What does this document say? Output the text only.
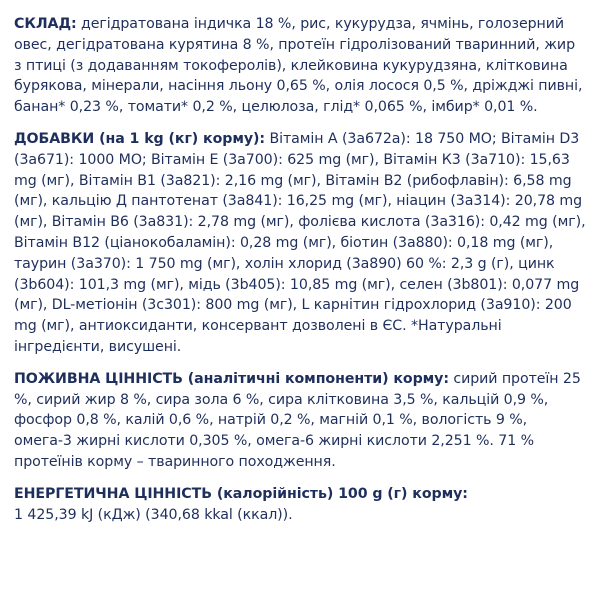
СКЛАД: дегідратована індичка 18 %, рис, кукурудза, ячмінь, голозерний овес, дегідратована курятина 8 %, протеїн гідролізований тваринний, жир з птиці (з додаванням токоферолів), клейковина кукурудзяна, клітковина бурякова, мінерали, насіння льону 0,65 %, олія лосося 0,5 %, дріжджі пивні, банан* 0,23 %, томати* 0,2 %, целюлоза, глід* 0,065 %, імбир* 0,01 %.

ДОБАВКИ (на 1 kg (кг) корму): Вітамін А (3а672а): 18 750 МО; Вітамін D3 (3а671): 1000 МО; Вітамін Е (3а700): 625 mg (мг), Вітамін К3 (3а710): 15,63 mg (мг), Вітамін В1 (3а821): 2,16 mg (мг), Вітамін В2 (рибофлавін): 6,58 mg (мг), кальцію Д пантотенат (3а841): 16,25 mg (мг), ніацин (3а314): 20,78 mg (мг), Вітамін В6 (3а831): 2,78 mg (мг), фолієва кислота (3а316): 0,42 mg (мг), Вітамін В12 (ціанокобаламін): 0,28 mg (мг), біотин (3а880): 0,18 mg (мг), таурин (3а370): 1 750 mg (мг), холін хлорид (3а890) 60 %: 2,3 g (г), цинк (3b604): 101,3 mg (мг), мідь (3b405): 10,85 mg (мг), селен (3b801): 0,077 mg (мг), DL-метіонін (3с301): 800 mg (мг), L карнітин гідрохлорид (3а910): 200 mg (мг), антиоксиданти, консервант дозволені в ЄС. *Натуральні інгредієнти, висушені.

ПОЖИВНА ЦІННІСТЬ (аналітичні компоненти) корму: сирий протеїн 25 %, сирий жир 8 %, сира зола 6 %, сира клітковина 3,5 %, кальцій 0,9 %, фосфор 0,8 %, калій 0,6 %, натрій 0,2 %, магній 0,1 %, вологість 9 %, омега-3 жирні кислоти 0,305 %, омега-6 жирні кислоти 2,251 %. 71 % протеїнів корму – тваринного походження.

ЕНЕРГЕТИЧНА ЦІННІСТЬ (калорійність) 100 g (г) корму:
1 425,39 kJ (кДж) (340,68 kkal (ккал)).
